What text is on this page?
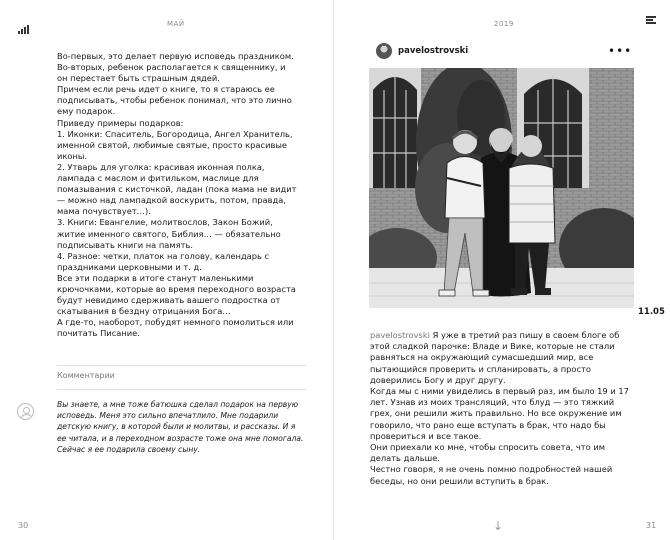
МАЙ

Во-первых, это делает первую исповедь праздником. Во-вторых, ребенок располагается к священнику, и он перестает быть страшным дядей.

Причем если речь идет о книге, то я стараюсь ее подписывать, чтобы ребенок понимал, что это лично ему подарок.

Приведу примеры подарков:

1. Иконки: Спаситель, Богородица, Ангел Хранитель, именной святой, любимые святые, просто красивые иконы.

2. Утварь для уголка: красивая иконная полка, лампада с маслом и фитильком, маслице для помазывания с кисточкой, ладан (пока мама не видит — можно над лампадкой воскурить, потом, правда, мама почувствует…).

3. Книги: Евангелие, молитвослов, Закон Божий, житие именного святого, Библия… — обязательно подписывать книги на память.

4. Разное: четки, платок на голову, календарь с праздниками церковными и т. д.

Все эти подарки в итоге станут маленькими крючочками, которые во время переходного возраста будут невидимо сдерживать вашего подростка от скатывания в бездну отрицания Бога…

А где-то, наоборот, побудят немного помолиться или почитать Писание.

Комментарии
Вы знаете, а мне тоже батюшка сделал подарок на первую исповедь. Меня это сильно впечатлило. Мне подарили детскую книгу, в которой были и молитвы, и рассказы. И я ее читала, и в переходном возрасте тоже она мне помогала. Сейчас я ее подарила своему сыну.
30
2019
pavelostrovski	•••
11.05

pavelostrovski Я уже в третий раз пишу в своем блоге об этой сладкой парочке: Владе и Вике, которые не стали равняться на окружающий сумасшедший мир, все пытающийся проверить и спланировать, а просто доверились Богу и друг другу.

Когда мы с ними увиделись в первый раз, им было 19 и 17 лет. Узнав из моих трансляций, что блуд — это тяжкий грех, они решили жить правильно. Но все окружение им говорило, что рано еще вступать в брак, что надо бы провериться и все такое.

Они приехали ко мне, чтобы спросить совета, что им делать дальше.

Честно говоря, я не очень помню подробностей нашей беседы, но они решили вступить в брак.

↓	31
